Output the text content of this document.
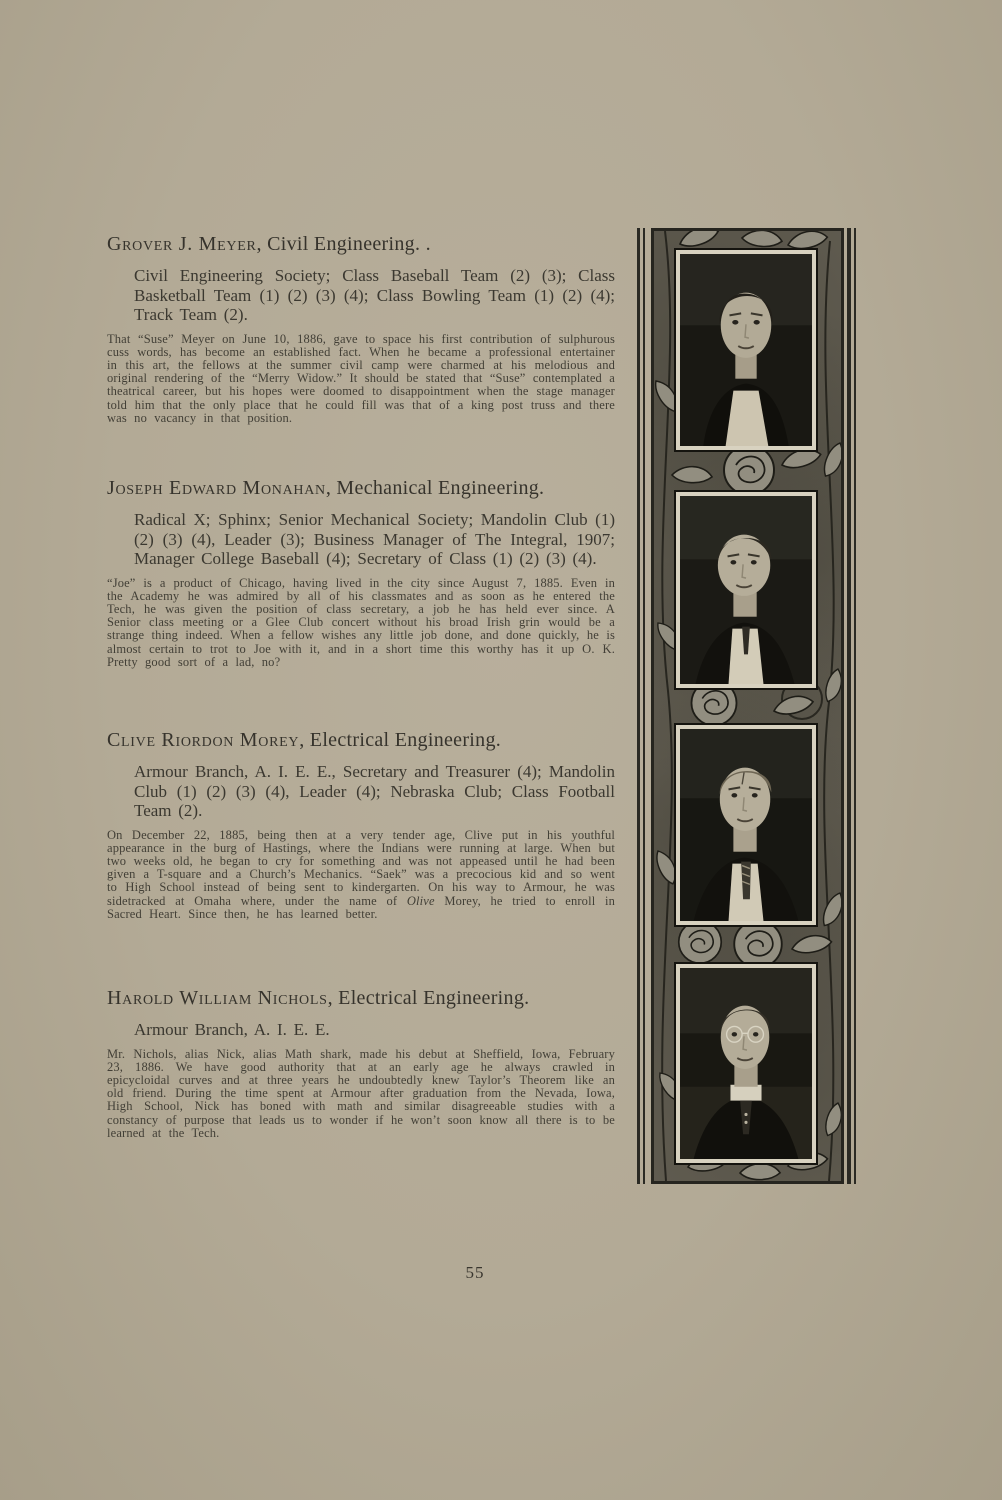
Grover J. Meyer, Civil Engineering. .

Civil Engineering Society; Class Baseball Team (2) (3); Class Basketball Team (1) (2) (3) (4); Class Bowling Team (1) (2) (4); Track Team (2).

That “Suse” Meyer on June 10, 1886, gave to space his first contribution of sulphurous cuss words, has become an established fact. When he became a professional entertainer in this art, the fellows at the summer civil camp were charmed at his melodious and original rendering of the “Merry Widow.” It should be stated that “Suse” contemplated a theatrical career, but his hopes were doomed to disappointment when the stage manager told him that the only place that he could fill was that of a king post truss and there was no vacancy in that position.

Joseph Edward Monahan, Mechanical Engineering.

Radical X; Sphinx; Senior Mechanical Society; Mandolin Club (1) (2) (3) (4), Leader (3); Business Manager of The Integral, 1907; Manager College Baseball (4); Secretary of Class (1) (2) (3) (4).

“Joe” is a product of Chicago, having lived in the city since August 7, 1885. Even in the Academy he was admired by all of his classmates and as soon as he entered the Tech, he was given the position of class secretary, a job he has held ever since. A Senior class meeting or a Glee Club concert without his broad Irish grin would be a strange thing indeed. When a fellow wishes any little job done, and done quickly, he is almost certain to trot to Joe with it, and in a short time this worthy has it up O. K. Pretty good sort of a lad, no?

Clive Riordon Morey, Electrical Engineering.

Armour Branch, A. I. E. E., Secretary and Treasurer (4); Mandolin Club (1) (2) (3) (4), Leader (4); Nebraska Club; Class Football Team (2).

On December 22, 1885, being then at a very tender age, Clive put in his youthful appearance in the burg of Hastings, where the Indians were running at large. When but two weeks old, he began to cry for something and was not appeased until he had been given a T-square and a Church’s Mechanics. “Saek” was a precocious kid and so went to High School instead of being sent to kindergarten. On his way to Armour, he was sidetracked at Omaha where, under the name of Olive Morey, he tried to enroll in Sacred Heart. Since then, he has learned better.

Harold William Nichols, Electrical Engineering.

Armour Branch, A. I. E. E.

Mr. Nichols, alias Nick, alias Math shark, made his debut at Sheffield, Iowa, February 23, 1886. We have good authority that at an early age he always crawled in epicycloidal curves and at three years he undoubtedly knew Taylor’s Theorem like an old friend. During the time spent at Armour after graduation from the Nevada, Iowa, High School, Nick has boned with math and similar disagreeable studies with a constancy of purpose that leads us to wonder if he won’t soon know all there is to be learned at the Tech.

55
